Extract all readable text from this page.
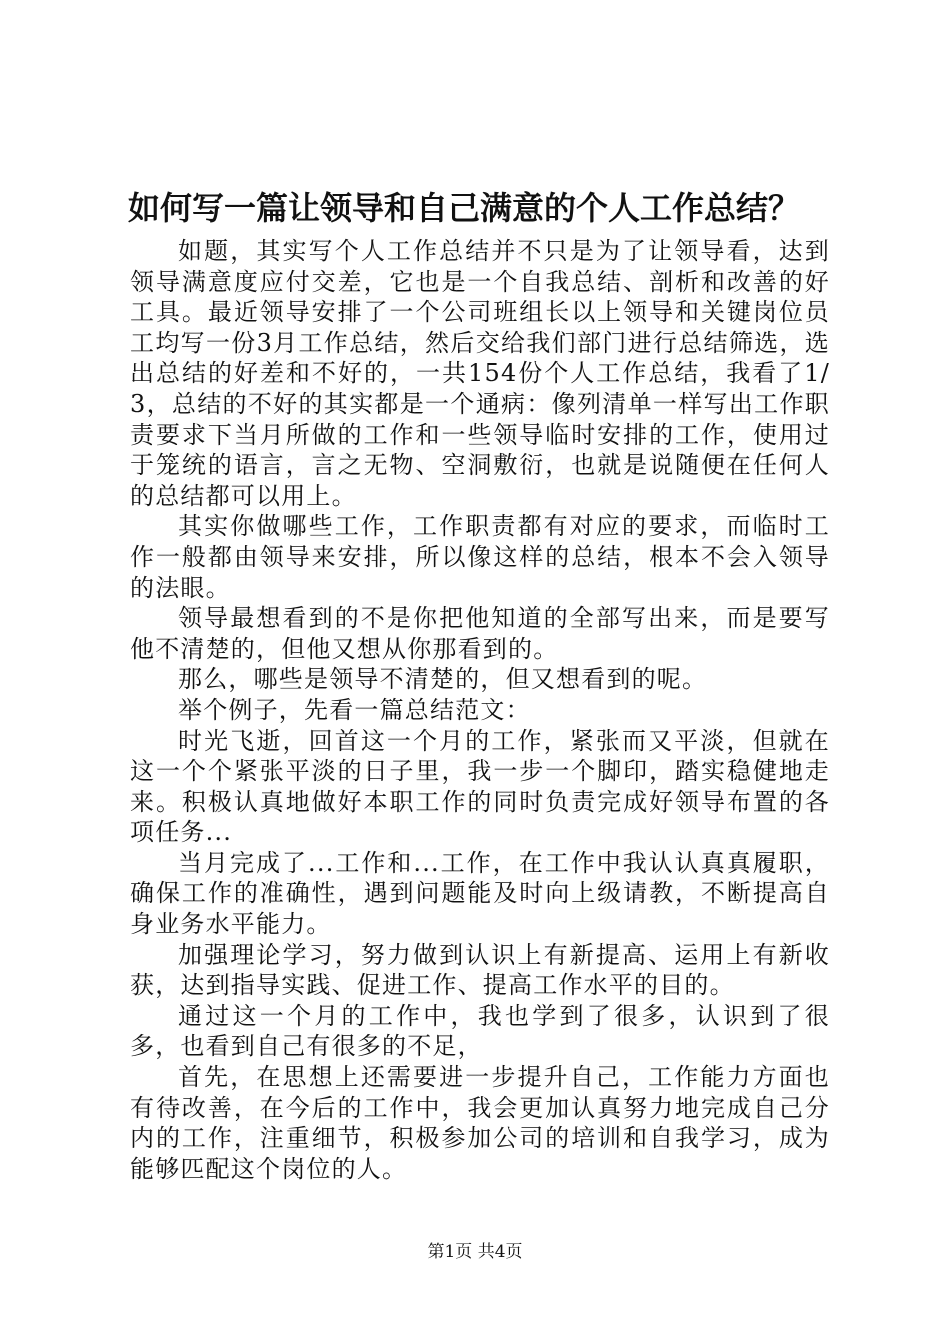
如何写一篇让领导和自己满意的个人工作总结？

如题，其实写个人工作总结并不只是为了让领导看，达到领导满意度应付交差，它也是一个自我总结、剖析和改善的好工具。最近领导安排了一个公司班组长以上领导和关键岗位员工均写一份3月工作总结，然后交给我们部门进行总结筛选，选出总结的好差和不好的，一共154份个人工作总结，我看了1/3，总结的不好的其实都是一个通病：像列清单一样写出工作职责要求下当月所做的工作和一些领导临时安排的工作，使用过于笼统的语言，言之无物、空洞敷衍，也就是说随便在任何人的总结都可以用上。

其实你做哪些工作，工作职责都有对应的要求，而临时工作一般都由领导来安排，所以像这样的总结，根本不会入领导的法眼。

领导最想看到的不是你把他知道的全部写出来，而是要写他不清楚的，但他又想从你那看到的。

那么，哪些是领导不清楚的，但又想看到的呢。

举个例子，先看一篇总结范文：

时光飞逝，回首这一个月的工作，紧张而又平淡，但就在这一个个紧张平淡的日子里，我一步一个脚印，踏实稳健地走来。积极认真地做好本职工作的同时负责完成好领导布置的各项任务...

当月完成了...工作和...工作，在工作中我认认真真履职，确保工作的准确性，遇到问题能及时向上级请教，不断提高自身业务水平能力。

加强理论学习，努力做到认识上有新提高、运用上有新收获，达到指导实践、促进工作、提高工作水平的目的。

通过这一个月的工作中，我也学到了很多，认识到了很多，也看到自己有很多的不足，

首先，在思想上还需要进一步提升自己，工作能力方面也有待改善，在今后的工作中，我会更加认真努力地完成自己分内的工作，注重细节，积极参加公司的培训和自我学习，成为能够匹配这个岗位的人。

第1页 共4页
